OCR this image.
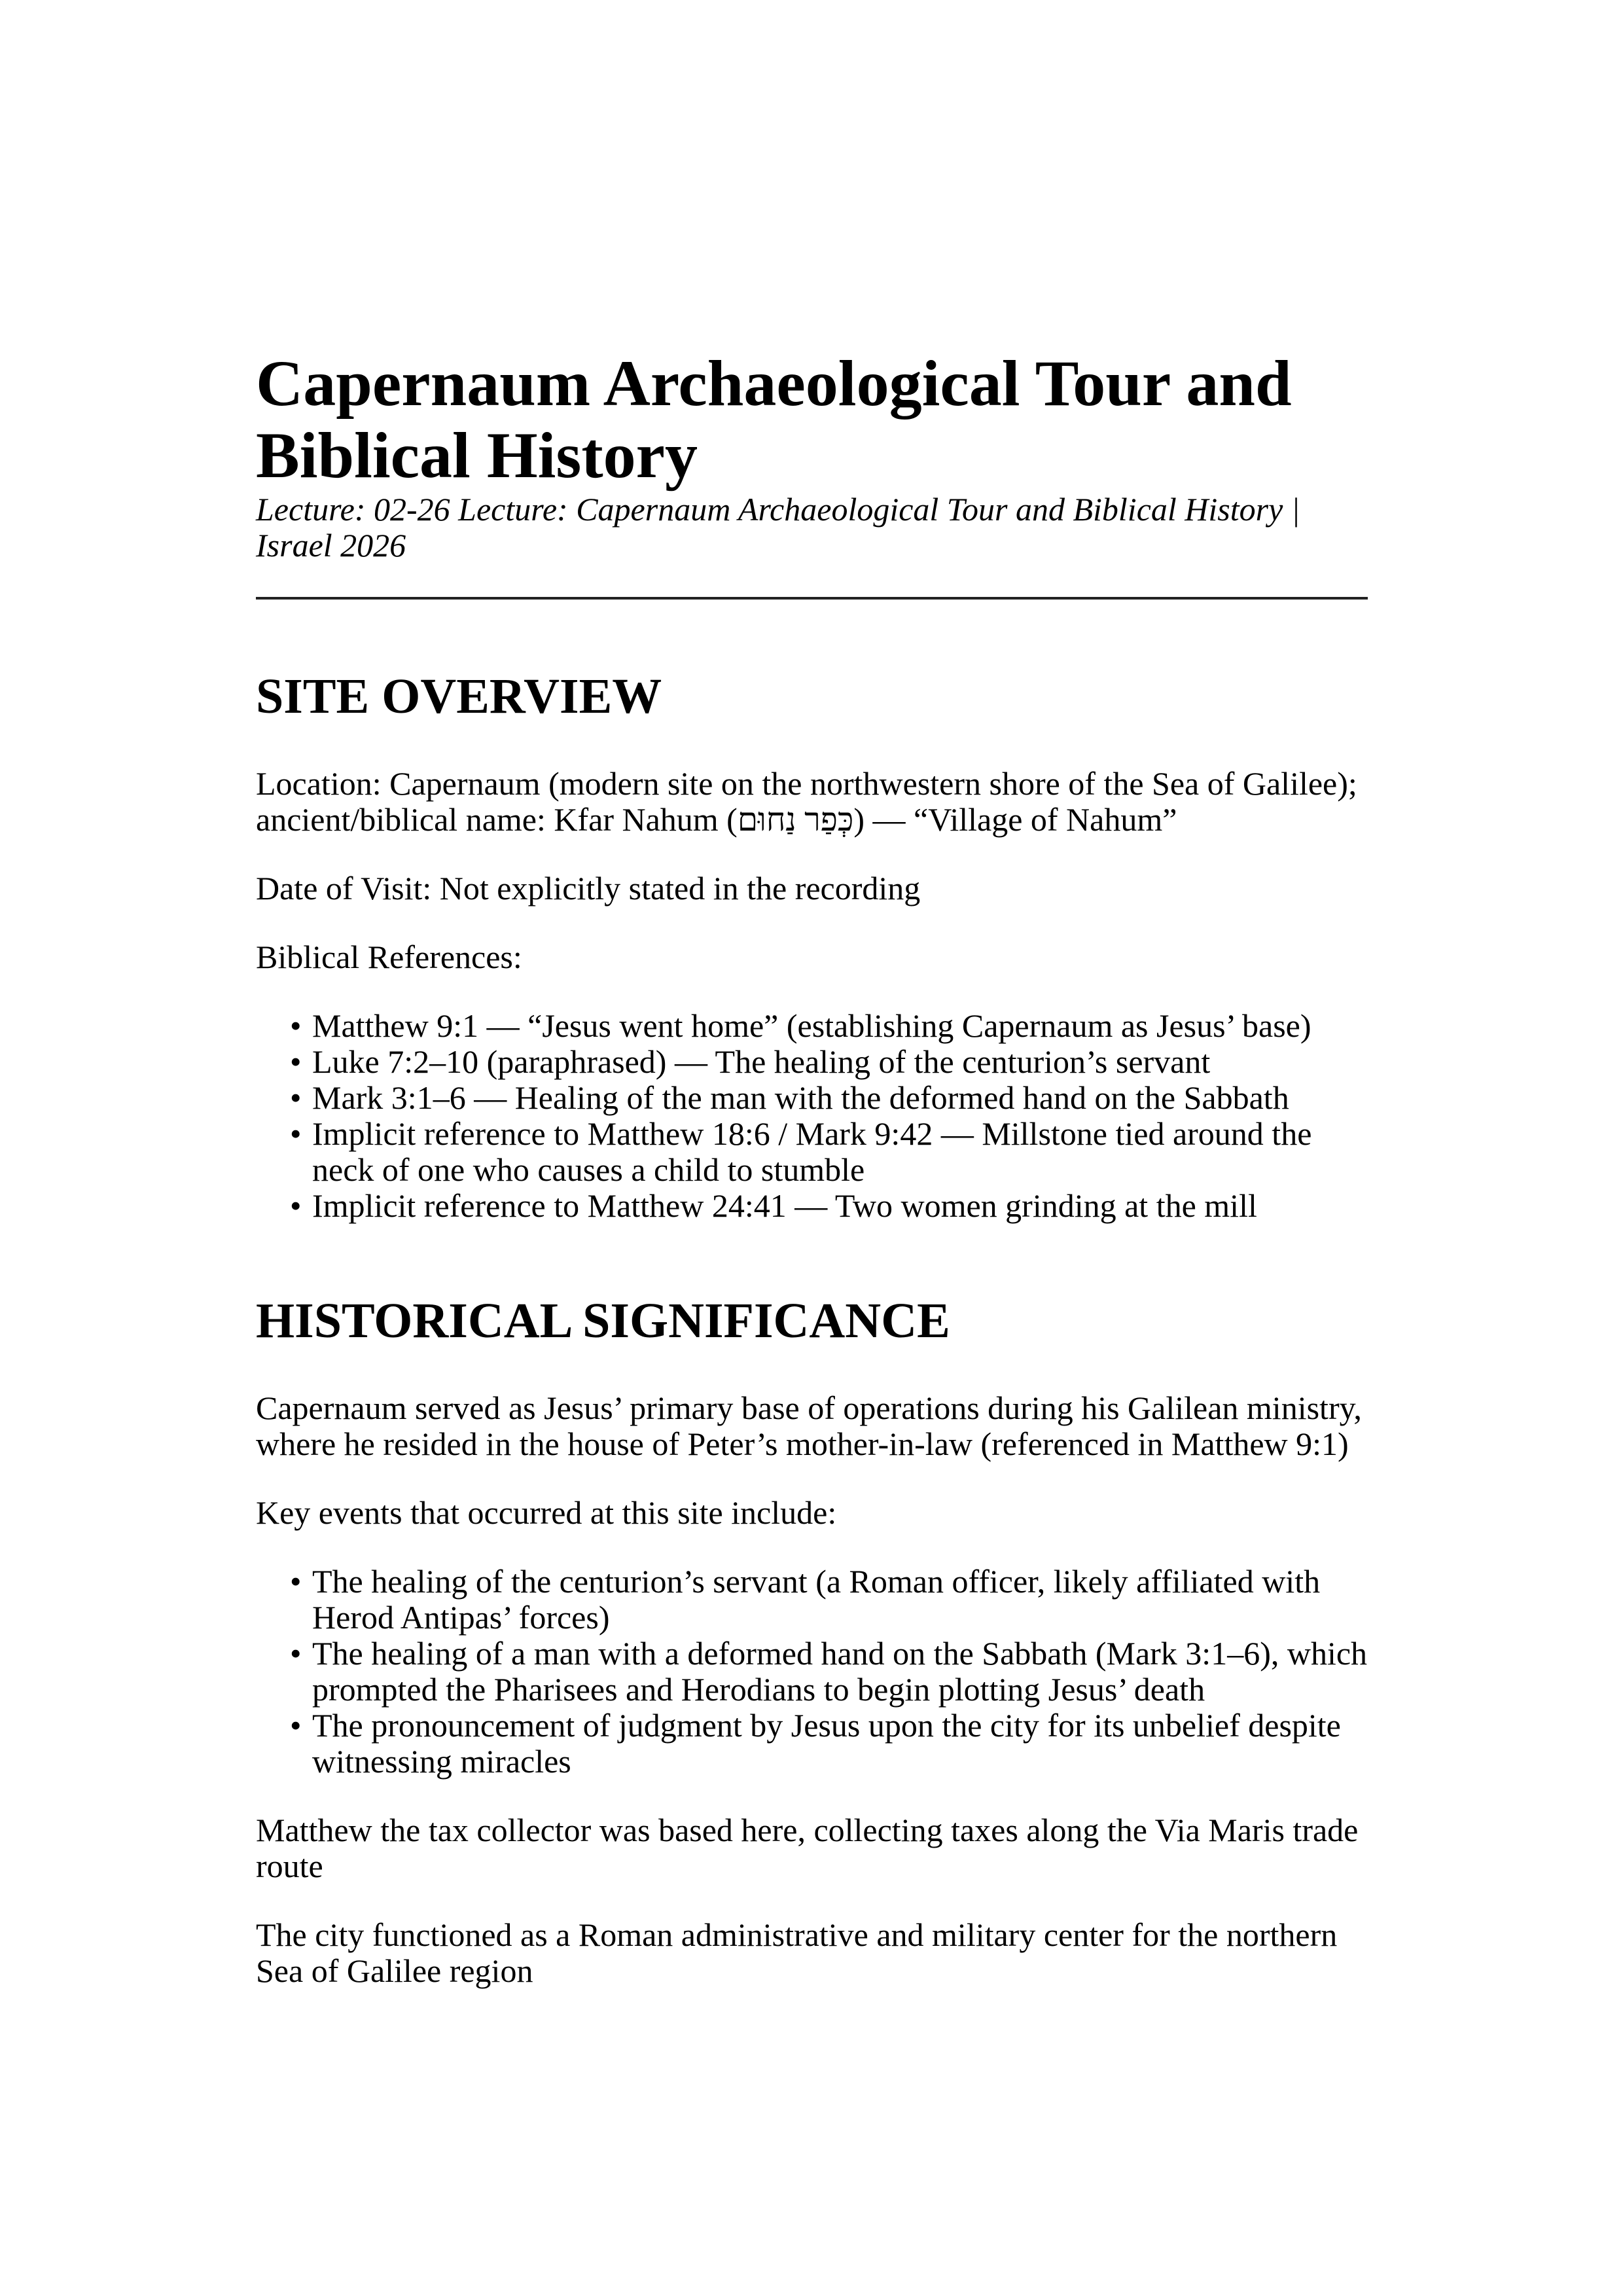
Capernaum Archaeological Tour and Biblical History

Lecture: 02-26 Lecture: Capernaum Archaeological Tour and Biblical History | Israel 2026

SITE OVERVIEW

Location: Capernaum (modern site on the northwestern shore of the Sea of Galilee); ancient/biblical name: Kfar Nahum (כְּפַר נַחוּם) — “Village of Nahum”

Date of Visit: Not explicitly stated in the recording

Biblical References:

• Matthew 9:1 — “Jesus went home” (establishing Capernaum as Jesus’ base)
• Luke 7:2–10 (paraphrased) — The healing of the centurion’s servant
• Mark 3:1–6 — Healing of the man with the deformed hand on the Sabbath
• Implicit reference to Matthew 18:6 / Mark 9:42 — Millstone tied around the neck of one who causes a child to stumble
• Implicit reference to Matthew 24:41 — Two women grinding at the mill
HISTORICAL SIGNIFICANCE

Capernaum served as Jesus’ primary base of operations during his Galilean ministry, where he resided in the house of Peter’s mother-in-law (referenced in Matthew 9:1)

Key events that occurred at this site include:

• The healing of the centurion’s servant (a Roman officer, likely affiliated with Herod Antipas’ forces)
• The healing of a man with a deformed hand on the Sabbath (Mark 3:1–6), which prompted the Pharisees and Herodians to begin plotting Jesus’ death
• The pronouncement of judgment by Jesus upon the city for its unbelief despite witnessing miracles

Matthew the tax collector was based here, collecting taxes along the Via Maris trade route

The city functioned as a Roman administrative and military center for the northern Sea of Galilee region
